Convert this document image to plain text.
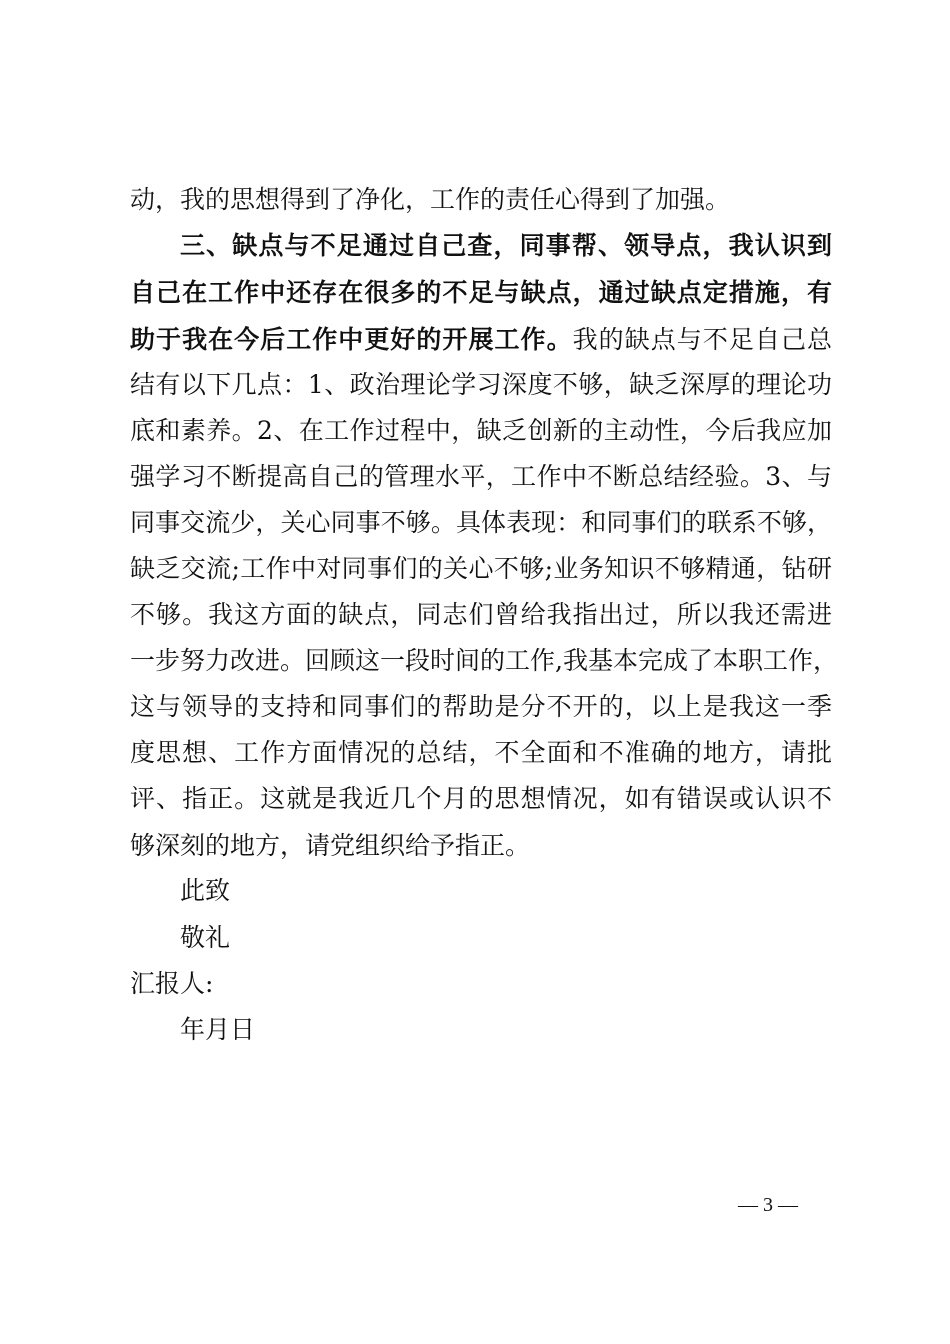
动，我的思想得到了净化，工作的责任心得到了加强。
三、缺点与不足通过自己查，同事帮、领导点，我认识到
自己在工作中还存在很多的不足与缺点，通过缺点定措施，有
助于我在今后工作中更好的开展工作。我的缺点与不足自己总
结有以下几点：1、政治理论学习深度不够，缺乏深厚的理论功
底和素养。2、在工作过程中，缺乏创新的主动性，今后我应加
强学习不断提高自己的管理水平，工作中不断总结经验。3、与
同事交流少，关心同事不够。具体表现：和同事们的联系不够，
缺乏交流;工作中对同事们的关心不够;业务知识不够精通，钻研
不够。我这方面的缺点，同志们曾给我指出过，所以我还需进
一步努力改进。回顾这一段时间的工作,我基本完成了本职工作，
这与领导的支持和同事们的帮助是分不开的，以上是我这一季
度思想、工作方面情况的总结，不全面和不准确的地方，请批
评、指正。这就是我近几个月的思想情况，如有错误或认识不
够深刻的地方，请党组织给予指正。
此致
敬礼
汇报人:
年月日
— 3 —
